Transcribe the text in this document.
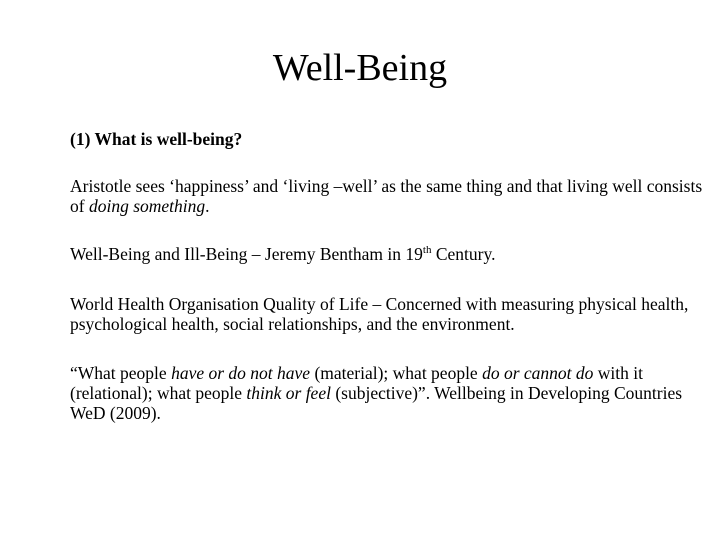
Well-Being

(1) What is well-being?

Aristotle sees ‘happiness’ and ‘living –well’ as the same thing and that living well consists of doing something.

Well-Being and Ill-Being – Jeremy Bentham in 19th Century.

World Health Organisation Quality of Life – Concerned with measuring physical health, psychological health, social relationships, and the environment.

“What people have or do not have (material); what people do or cannot do with it (relational); what people think or feel (subjective)”. Wellbeing in Developing Countries WeD (2009).
